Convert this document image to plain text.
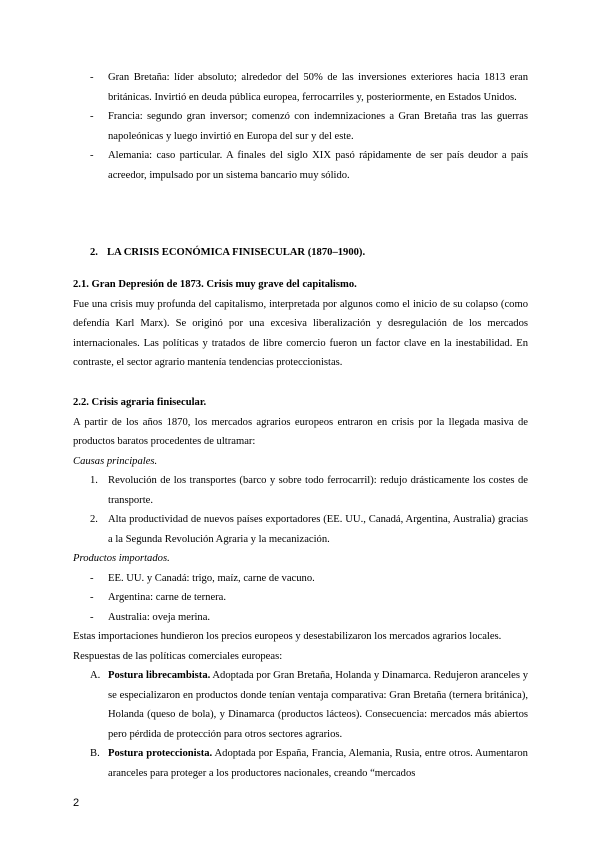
- Gran Bretaña: líder absoluto; alrededor del 50% de las inversiones exteriores hacia 1813 eran británicas. Invirtió en deuda pública europea, ferrocarriles y, posteriormente, en Estados Unidos.
- Francia: segundo gran inversor; comenzó con indemnizaciones a Gran Bretaña tras las guerras napoleónicas y luego invirtió en Europa del sur y del este.
- Alemania: caso particular. A finales del siglo XIX pasó rápidamente de ser país deudor a país acreedor, impulsado por un sistema bancario muy sólido.
2. LA CRISIS ECONÓMICA FINISECULAR (1870–1900).
2.1. Gran Depresión de 1873. Crisis muy grave del capitalismo.
Fue una crisis muy profunda del capitalismo, interpretada por algunos como el inicio de su colapso (como defendía Karl Marx). Se originó por una excesiva liberalización y desregulación de los mercados internacionales. Las políticas y tratados de libre comercio fueron un factor clave en la inestabilidad. En contraste, el sector agrario mantenía tendencias proteccionistas.
2.2. Crisis agraria finisecular.
A partir de los años 1870, los mercados agrarios europeos entraron en crisis por la llegada masiva de productos baratos procedentes de ultramar:
Causas principales.
1. Revolución de los transportes (barco y sobre todo ferrocarril): redujo drásticamente los costes de transporte.
2. Alta productividad de nuevos países exportadores (EE. UU., Canadá, Argentina, Australia) gracias a la Segunda Revolución Agraria y la mecanización.
Productos importados.
- EE. UU. y Canadá: trigo, maíz, carne de vacuno.
- Argentina: carne de ternera.
- Australia: oveja merina.
Estas importaciones hundieron los precios europeos y desestabilizaron los mercados agrarios locales.
Respuestas de las políticas comerciales europeas:
A. Postura librecambista. Adoptada por Gran Bretaña, Holanda y Dinamarca. Redujeron aranceles y se especializaron en productos donde tenían ventaja comparativa: Gran Bretaña (ternera británica), Holanda (queso de bola), y Dinamarca (productos lácteos). Consecuencia: mercados más abiertos pero pérdida de protección para otros sectores agrarios.
B. Postura proteccionista. Adoptada por España, Francia, Alemania, Rusia, entre otros. Aumentaron aranceles para proteger a los productores nacionales, creando “mercados
2
